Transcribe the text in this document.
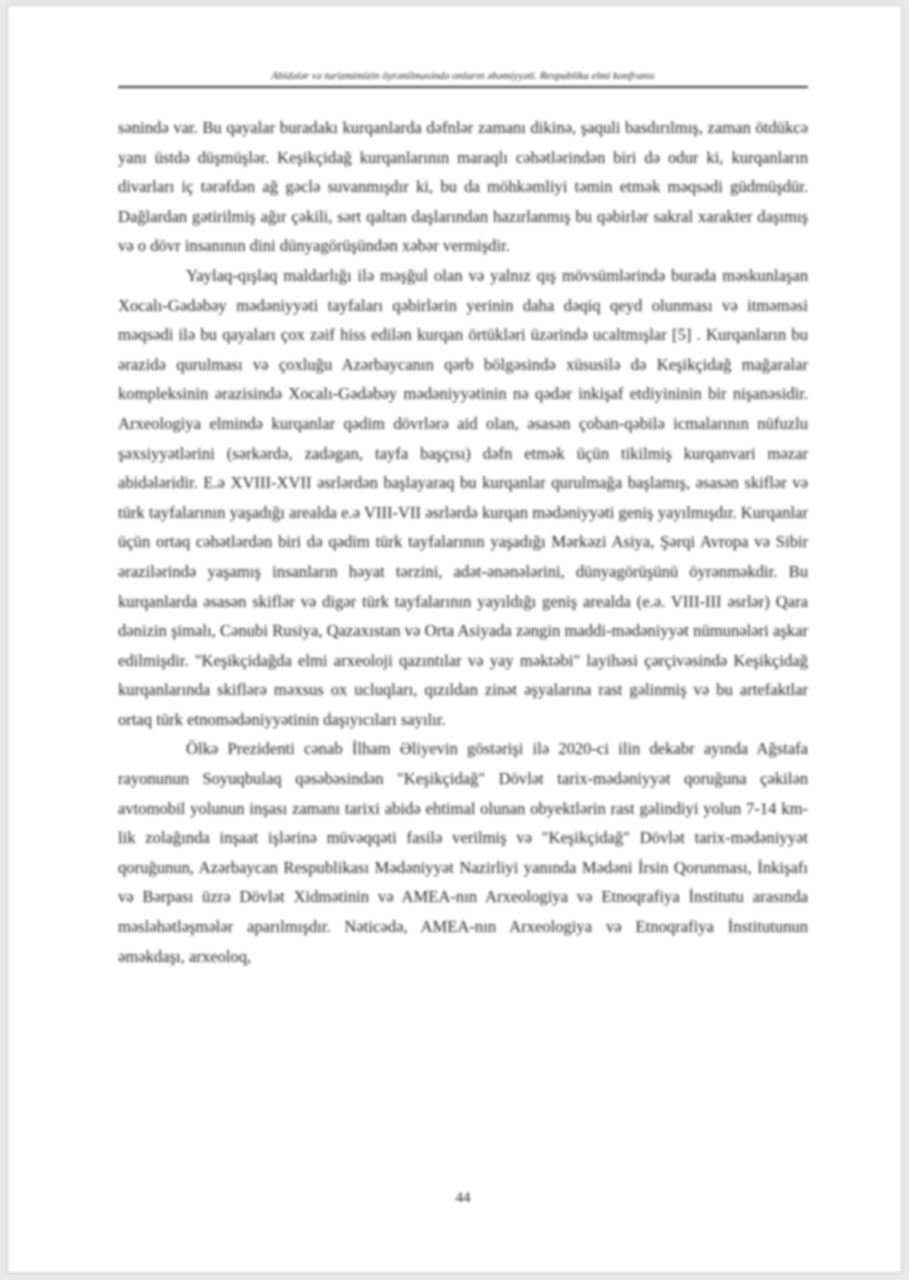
Abidələr və turizmimizin öyrənilməsində onların əhəmiyyəti. Respublika elmi konfransı

sənində var. Bu qayalar buradakı kurqanlarda dəfnlər zamanı dikinə, şaquli basdırılmış, zaman ötdükcə yanı üstdə düşmüşlər. Keşikçidağ kurqanlarının maraqlı cəhətlərindən biri də odur ki, kurqanların divarları iç tərəfdən ağ gəclə suvanmışdır ki, bu da möhkəmliyi təmin etmək məqsədi güdmüşdür. Dağlardan gətirilmiş ağır çəkili, sərt qaltan daşlarından hazırlanmış bu qəbirlər sakral xarakter daşımış və o dövr insanının dini dünyagörüşündən xəbər vermişdir.

Yaylaq-qışlaq maldarlığı ilə məşğul olan və yalnız qış mövsümlərində burada məskunlaşan Xocalı-Gədəbəy mədəniyyəti tayfaları qəbirlərin yerinin daha dəqiq qeyd olunması və itməməsi məqsədi ilə bu qayaları çox zəif hiss edilən kurqan örtükləri üzərində ucaltmışlar [5] . Kurqanların bu ərazidə qurulması və çoxluğu Azərbaycanın qərb bölgəsində xüsusilə də Keşikçidağ mağaralar kompleksinin ərazisində Xocalı-Gədəbəy mədəniyyətinin nə qədər inkişaf etdiyininin bir nişanəsidir. Arxeologiya elmində kurqanlar qədim dövrlərə aid olan, əsasən çoban-qəbilə icmalarının nüfuzlu şəxsiyyətlərini (sərkərdə, zadəgan, tayfa başçısı) dəfn etmək üçün tikilmiş kurqanvari məzar abidələridir. E.ə XVIII-XVII əsrlərdən başlayaraq bu kurqanlar qurulmağa başlamış, əsasən skiflər və türk tayfalarının yaşadığı arealda e.ə VIII-VII əsrlərdə kurqan mədəniyyəti geniş yayılmışdır. Kurqanlar üçün ortaq cəhətlərdən biri də qədim türk tayfalarının yaşadığı Mərkəzi Asiya, Şərqi Avropa və Sibir ərazilərində yaşamış insanların həyat tərzini, adət-ənənələrini, dünyagörüşünü öyrənməkdir. Bu kurqanlarda əsasən skiflər və digər türk tayfalarının yayıldığı geniş arealda (e.ə. VIII-III əsrlər) Qara dənizin şimalı, Cənubi Rusiya, Qazaxıstan və Orta Asiyada zəngin maddi-mədəniyyət nümunələri aşkar edilmişdir. "Keşikçidağda elmi arxeoloji qazıntılar və yay məktəbi" layihəsi çərçivəsində Keşikçidağ kurqanlarında skiflərə məxsus ox ucluqları, qızıldan zinət əşyalarına rast gəlinmiş və bu artefaktlar ortaq türk etnomədəniyyətinin daşıyıcıları sayılır.

Ölkə Prezidenti cənab İlham Əliyevin göstərişi ilə 2020-ci ilin dekabr ayında Ağstafa rayonunun Soyuqbulaq qəsəbəsindən "Keşikçidağ" Dövlət tarix-mədəniyyət qoruğuna çəkilən avtomobil yolunun inşası zamanı tarixi abidə ehtimal olunan obyektlərin rast gəlindiyi yolun 7-14 km-lik zolağında inşaat işlərinə müvəqqəti fasilə verilmiş və "Keşikçidağ" Dövlət tarix-mədəniyyət qoruğunun, Azərbaycan Respublikası Mədəniyyət Nazirliyi yanında Mədəni İrsin Qorunması, İnkişafı və Bərpası üzrə Dövlət Xidmətinin və AMEA-nın Arxeologiya və Etnoqrafiya İnstitutu arasında məsləhətləşmələr aparılmışdır. Nəticədə, AMEA-nın Arxeologiya və Etnoqrafiya İnstitutunun əməkdaşı, arxeoloq,

44
